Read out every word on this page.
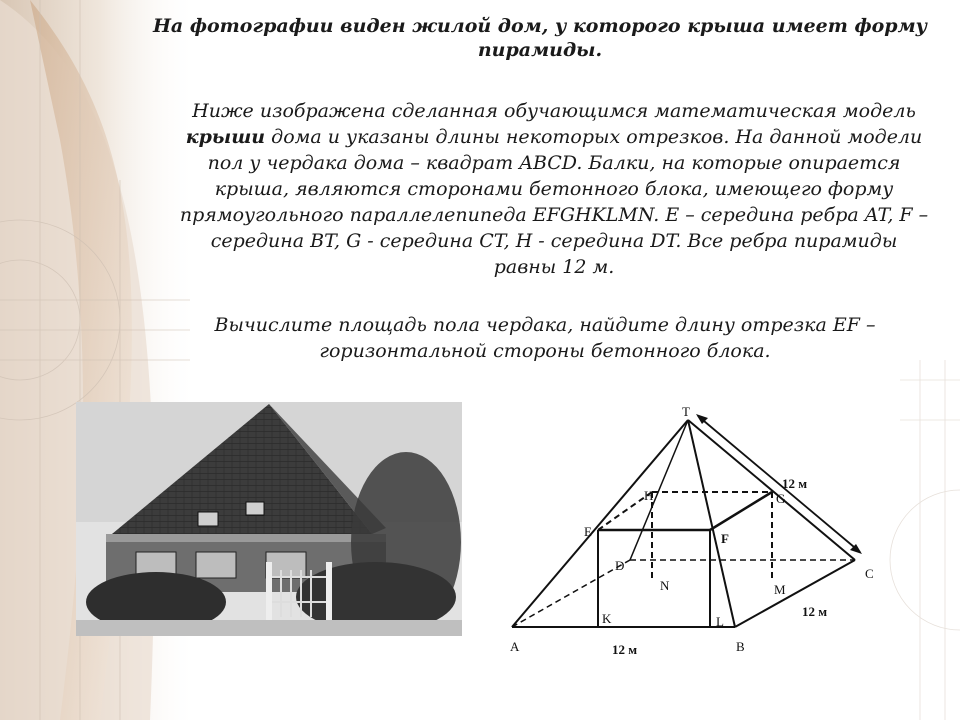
На фотографии виден жилой дом, у которого крыша имеет форму пирамиды.
Ниже изображена сделанная обучающимся математическая модель крыши дома и указаны длины некоторых отрезков. На данной модели пол у чердака дома – квадрат ABCD. Балки, на которые опирается крыша, являются сторонами бетонного блока, имеющего форму прямоугольного параллелепипеда EFGHKLMN. E – середина ребра AT, F – середина BT, G - середина CT, H - середина DT. Все ребра пирамиды равны 12 м.
Вычислите площадь пола чердака, найдите длину отрезка EF – горизонтальной стороны бетонного блока.
T
A	B
C
D
E	F
G
H
K	L
M
N
12 м
12 м
12 м
